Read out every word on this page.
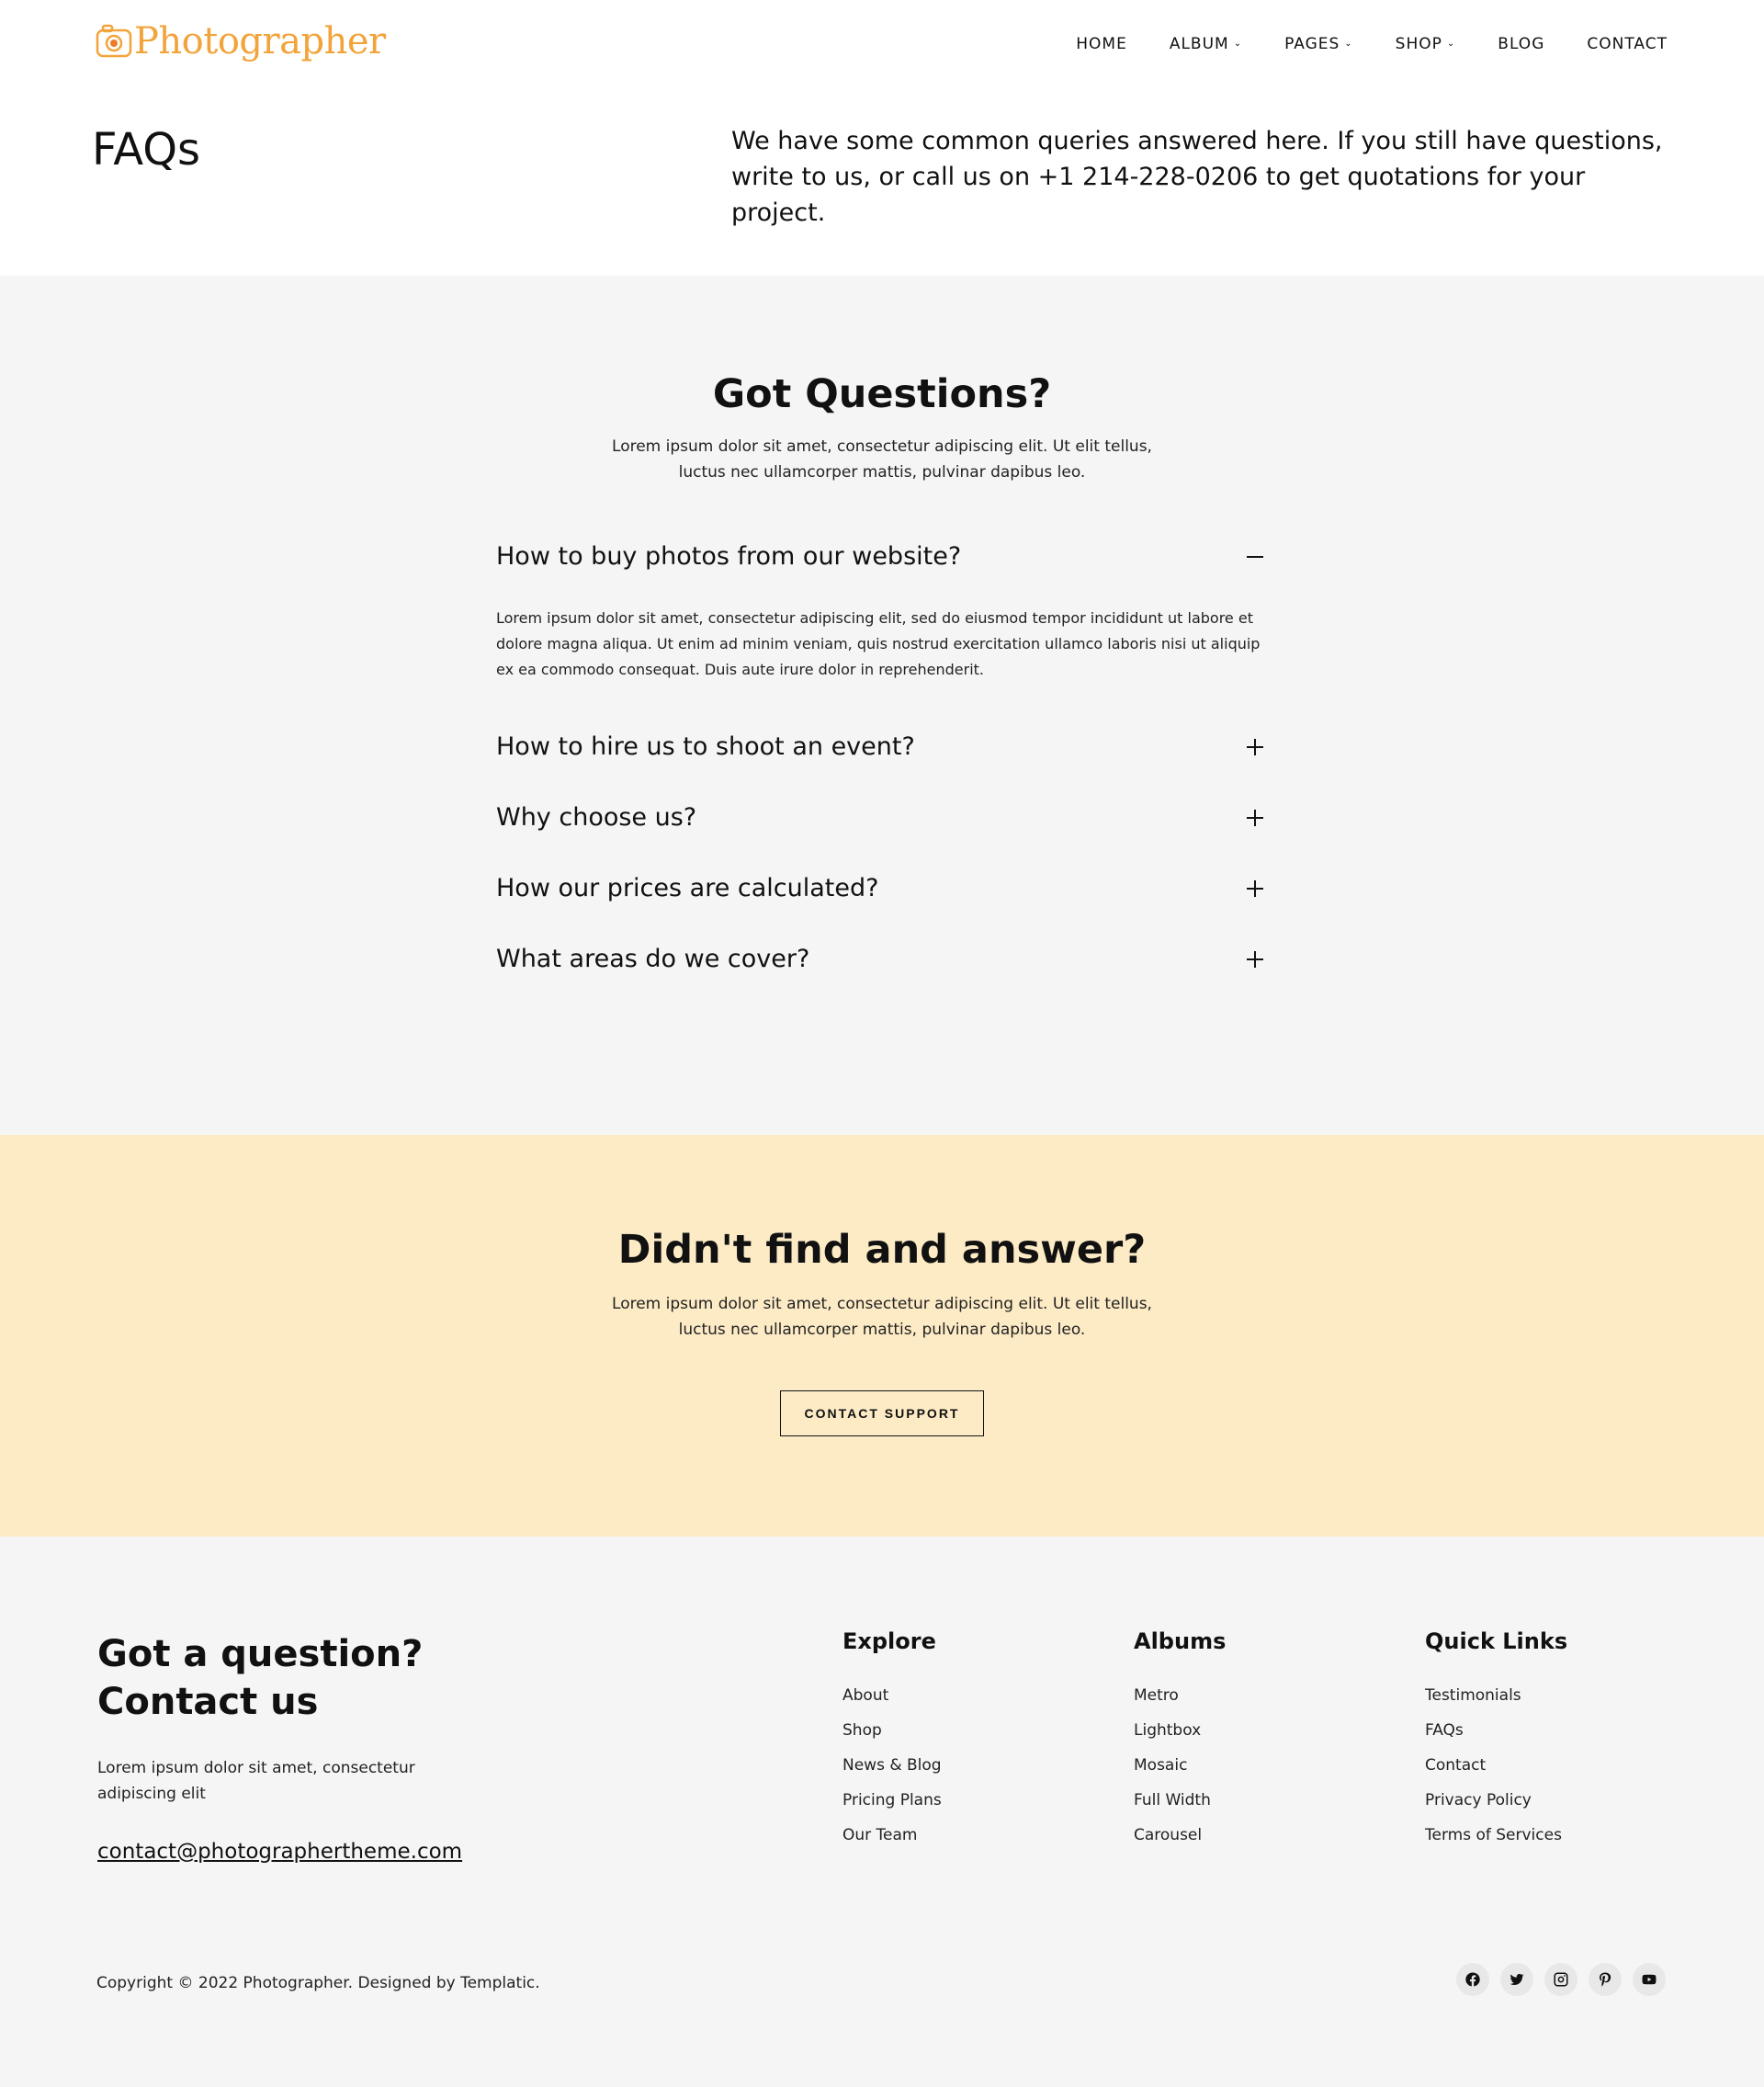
Photographer	HOME	ALBUM ⌄	PAGES ⌄	SHOP ⌄	BLOG	CONTACT
FAQs	We have some common queries answered here. If you still have questions, write to us, or call us on +1 214-228-0206 to get quotations for your project.

Got Questions?

Lorem ipsum dolor sit amet, consectetur adipiscing elit. Ut elit tellus,
luctus nec ullamcorper mattis, pulvinar dapibus leo.

How to buy photos from our website?

Lorem ipsum dolor sit amet, consectetur adipiscing elit, sed do eiusmod tempor incididunt ut labore et dolore magna aliqua. Ut enim ad minim veniam, quis nostrud exercitation ullamco laboris nisi ut aliquip ex ea commodo consequat. Duis aute irure dolor in reprehenderit.

How to hire us to shoot an event?
Why choose us?
How our prices are calculated?
What areas do we cover?
Didn't find and answer?

Lorem ipsum dolor sit amet, consectetur adipiscing elit. Ut elit tellus,
luctus nec ullamcorper mattis, pulvinar dapibus leo.

CONTACT SUPPORT
Got a question?
Contact us

Lorem ipsum dolor sit amet, consectetur adipiscing elit

contact@photographertheme.com
Explore
About
Shop
News & Blog
Pricing Plans
Our Team
Albums
Metro
Lightbox
Mosaic
Full Width
Carousel
Quick Links
Testimonials
FAQs
Contact
Privacy Policy
Terms of Services

Copyright © 2022 Photographer. Designed by Templatic.
